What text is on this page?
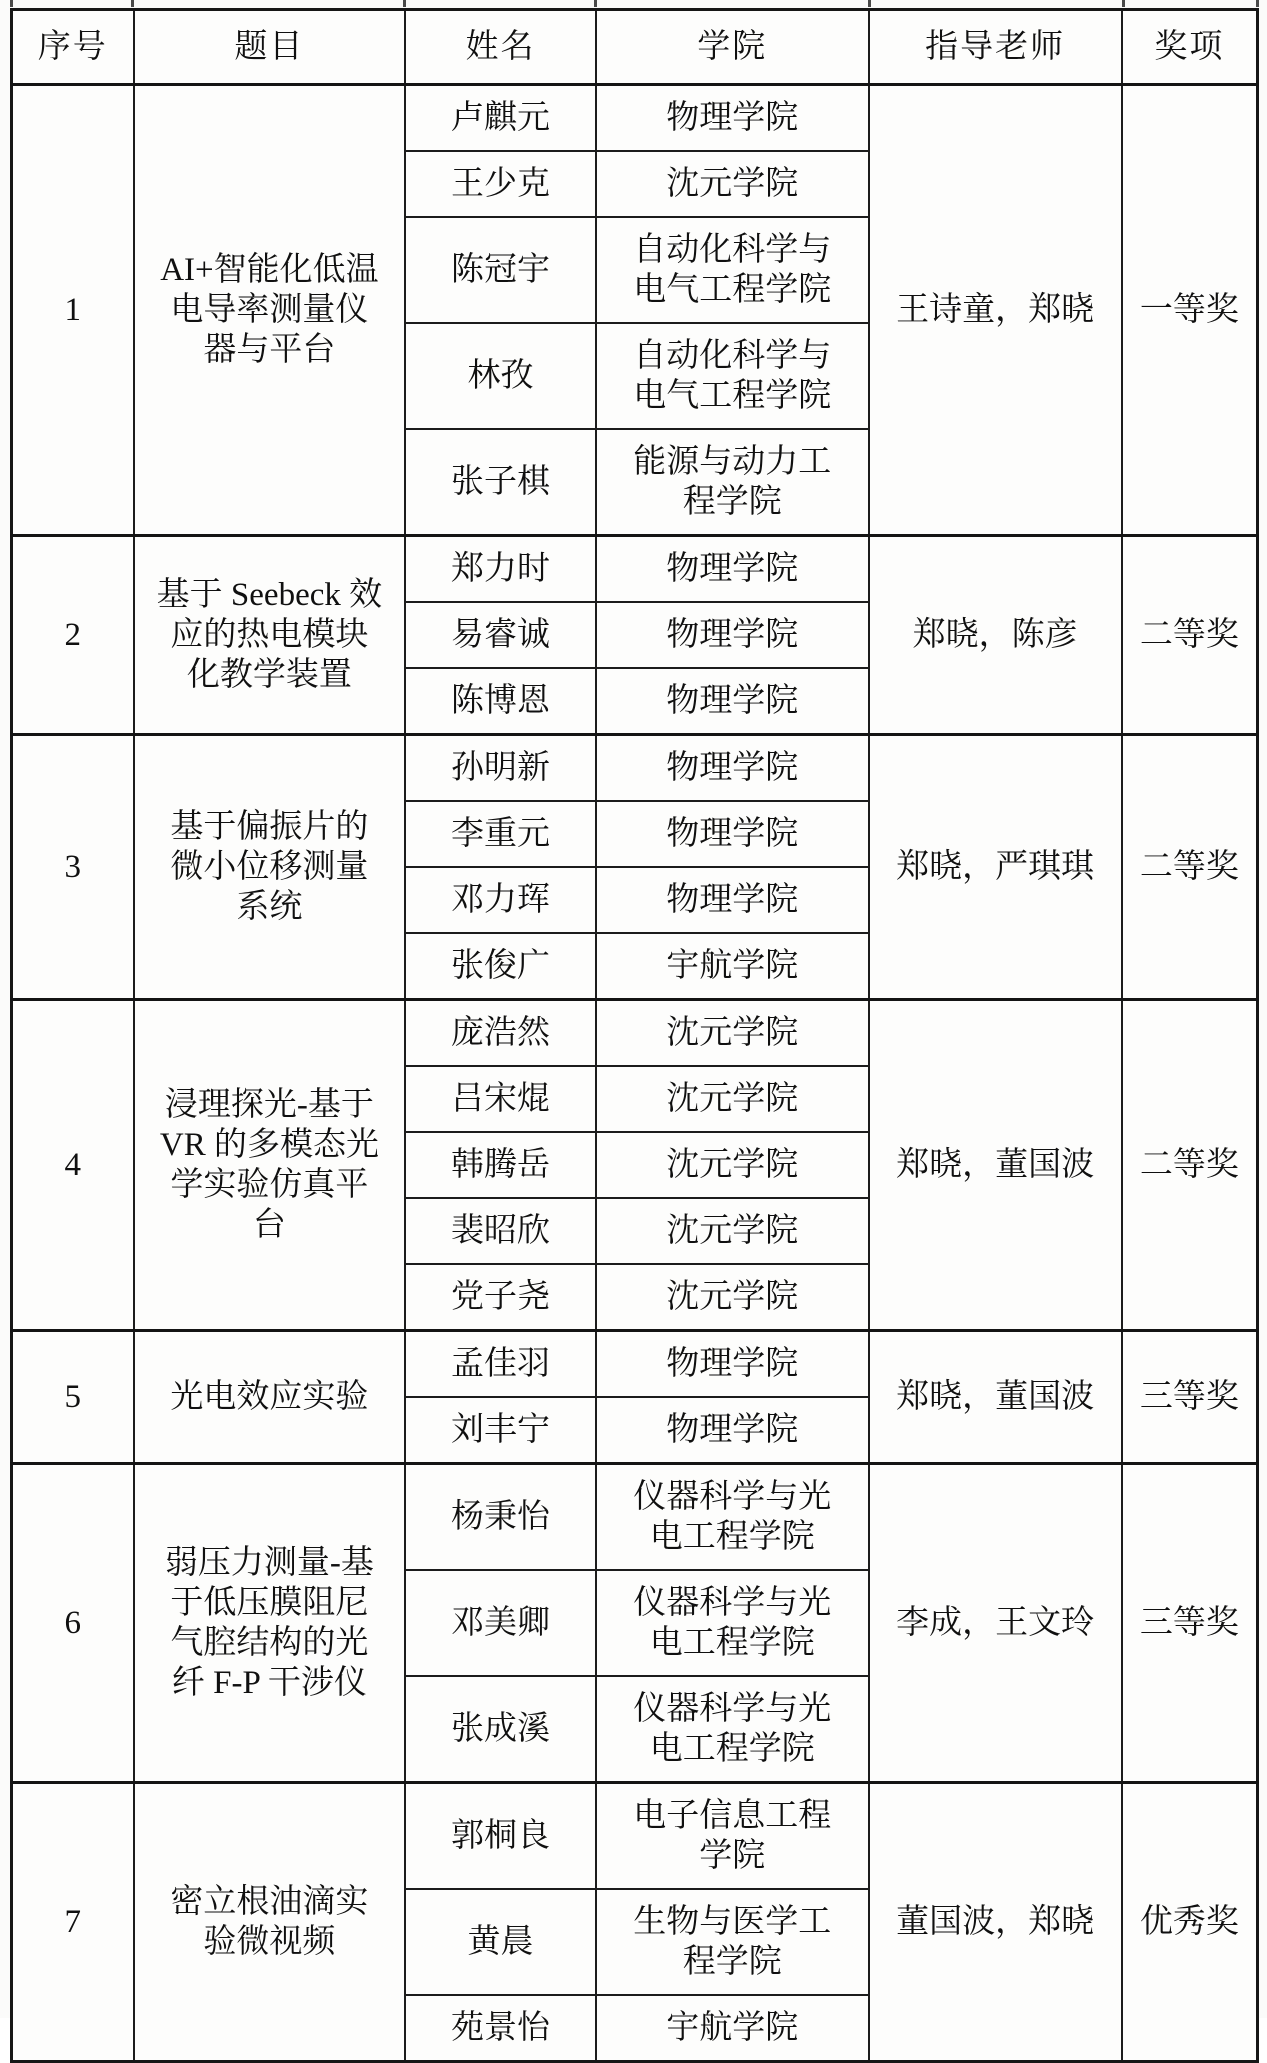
序号	题目	姓名	学院	指导老师	奖项
1	AI+智能化低温电导率测量仪器与平台	卢麒元	物理学院	王诗童，郑晓	一等奖
		王少克	沈元学院		
		陈冠宇	自动化科学与电气工程学院		
		林孜	自动化科学与电气工程学院		
		张子棋	能源与动力工程学院		
2	基于 Seebeck 效应的热电模块化教学装置	郑力时	物理学院	郑晓，陈彦	二等奖
		易睿诚	物理学院		
		陈博恩	物理学院		
3	基于偏振片的微小位移测量系统	孙明新	物理学院	郑晓，严琪琪	二等奖
		李重元	物理学院		
		邓力珲	物理学院		
		张俊广	宇航学院		
4	浸理探光-基于 VR 的多模态光学实验仿真平台	庞浩然	沈元学院	郑晓，董国波	二等奖
		吕宋焜	沈元学院		
		韩腾岳	沈元学院		
		裴昭欣	沈元学院		
		党子尧	沈元学院		
5	光电效应实验	孟佳羽	物理学院	郑晓，董国波	三等奖
		刘丰宁	物理学院		
6	弱压力测量-基于低压膜阻尼气腔结构的光纤 F-P 干涉仪	杨秉怡	仪器科学与光电工程学院	李成，王文玲	三等奖
		邓美卿	仪器科学与光电工程学院		
		张成溪	仪器科学与光电工程学院		
7	密立根油滴实验微视频	郭桐良	电子信息工程学院	董国波，郑晓	优秀奖
		黄晨	生物与医学工程学院		
		苑景怡	宇航学院		
